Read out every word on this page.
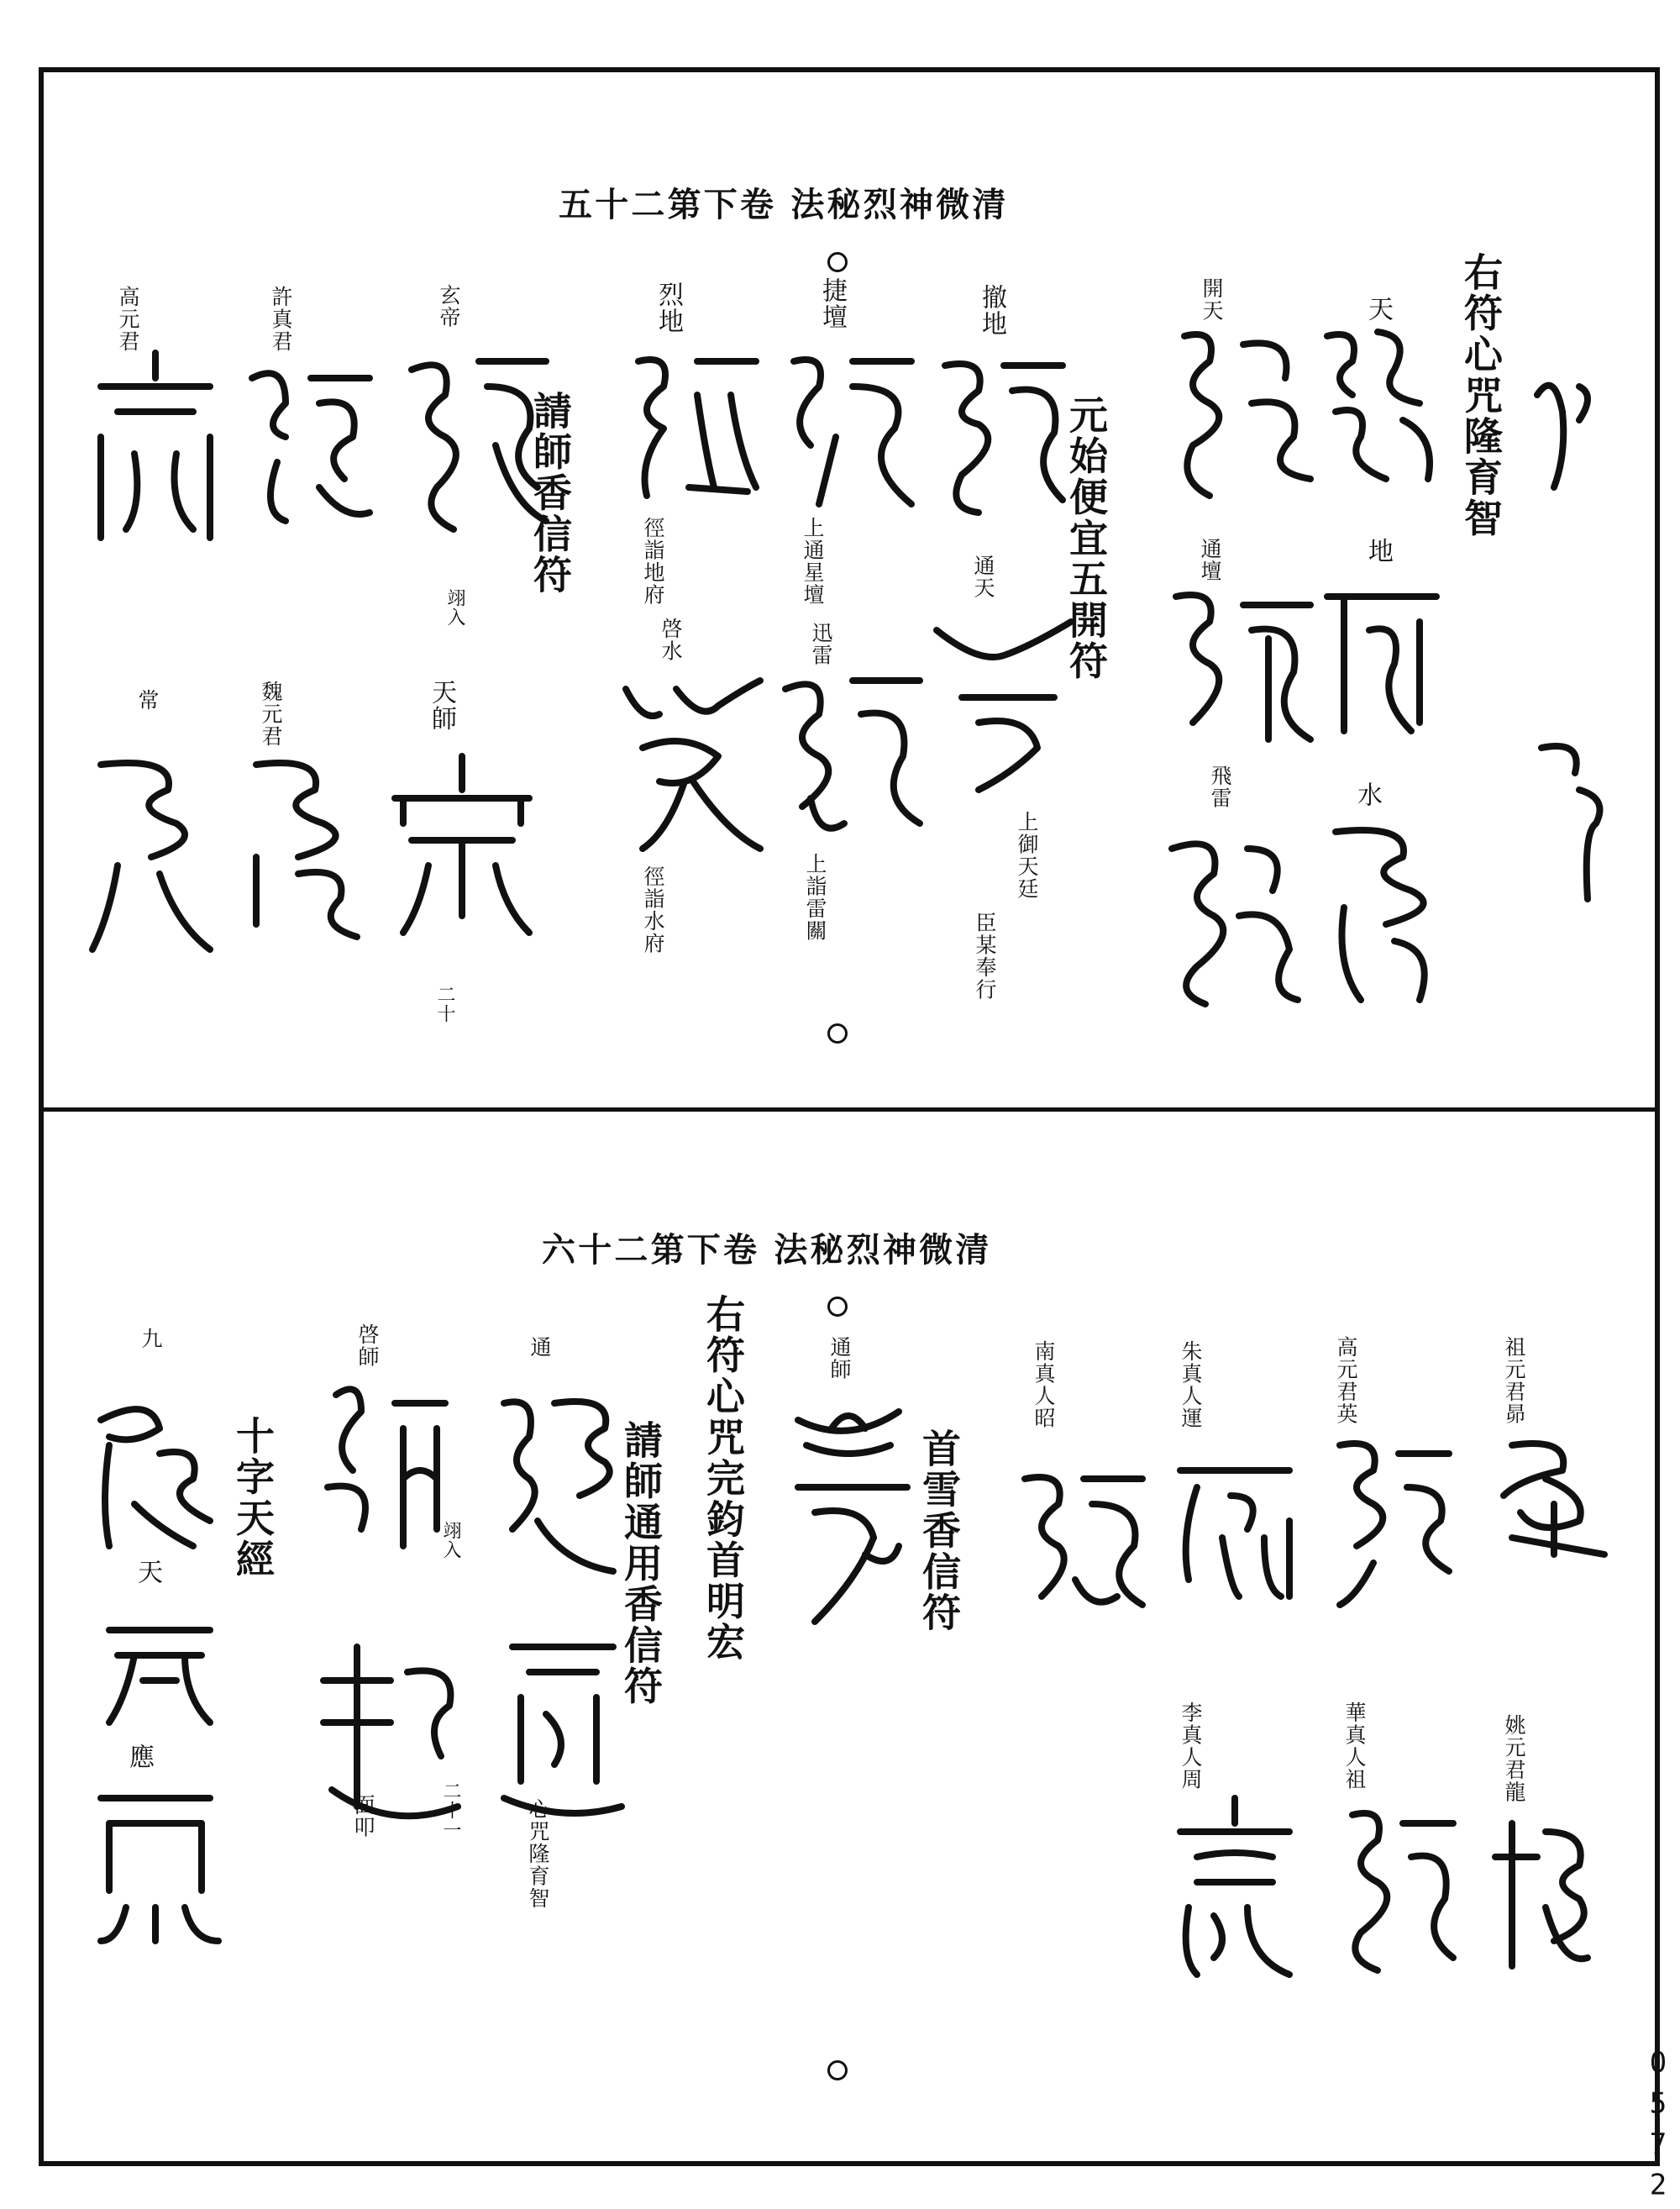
清微神烈秘法 卷下第二十五
右符心咒隆育智
元始便宜五開符
請師香信符
天
開天
地
通壇
水
飛雷
撤地
通天
上御天廷
臣某奉行
捷壇
上通星壇
迅雷
上詣雷關
烈地
徑詣地府
啓水
徑詣水府
玄帝
翊入
天師
二十
許真君
魏元君
高元君
常
清微神烈秘法 卷下第二十六
首雪香信符
右符心咒完鈞首明宏
請師通用香信符
十字天經
祖元君昴
高元君英
朱真人運
南真人昭
姚元君龍
華真人祖
李真人周
通師
通
心咒隆育智
二十一
啓師
翊入
面叩
九
天
應
0572
